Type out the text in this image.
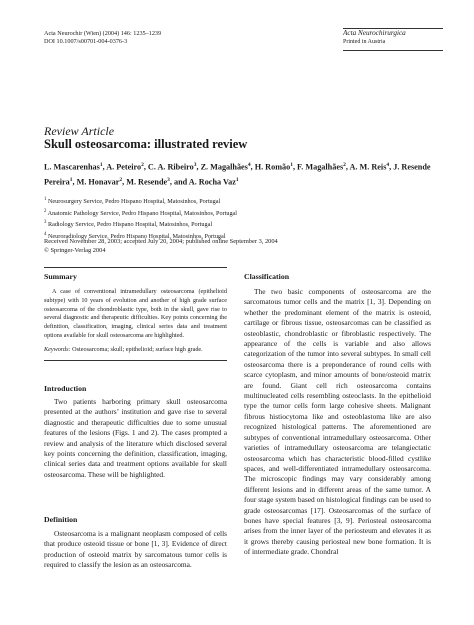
Acta Neurochir (Wien) (2004) 146: 1235–1239
DOI 10.1007/s00701-004-0376-3
Acta Neurochirurgica
Printed in Austria
Review Article
Skull osteosarcoma: illustrated review
L. Mascarenhas$^1$, A. Peteiro$^2$, C. A. Ribeiro$^3$, Z. Magalhães$^4$, H. Romão$^1$, F. Magalhães$^2$, A. M. Reis$^4$, J. Resende Pereira$^1$, M. Honavar$^2$, M. Resende$^3$, and A. Rocha Vaz$^1$
$^1$ Neurosurgery Service, Pedro Hispano Hospital, Matosinhos, Portugal
$^2$ Anatomic Pathology Service, Pedro Hispano Hospital, Matosinhos, Portugal
$^3$ Radiology Service, Pedro Hispano Hospital, Matosinhos, Portugal
$^4$ Neuroradiology Service, Pedro Hispano Hospital, Matosinhos, Portugal
Received November 28, 2003; accepted July 20, 2004; published online September 3, 2004
© Springer-Verlag 2004
Summary

A case of conventional intramedullary osteosarcoma (epithelioid subtype) with 10 years of evolution and another of high grade surface osteosarcoma of the chondroblastic type, both in the skull, gave rise to several diagnostic and therapeutic difficulties. Key points concerning the definition, classification, imaging, clinical series data and treatment options available for skull osteosarcoma are highlighted.

Keywords: Osteosarcoma; skull; epithelioid; surface high grade.
Introduction

Two patients harboring primary skull osteosarcoma presented at the authors’ institution and gave rise to several diagnostic and therapeutic difficulties due to some unusual features of the lesions (Figs. 1 and 2). The cases prompted a review and analysis of the literature which disclosed several key points concerning the definition, classification, imaging, clinical series data and treatment options available for skull osteosarcoma. These will be highlighted.

Definition

Osteosarcoma is a malignant neoplasm composed of cells that produce osteoid tissue or bone [1, 3]. Evidence of direct production of osteoid matrix by sarcomatous tumor cells is required to classify the lesion as an osteosarcoma.

Classification

The two basic components of osteosarcoma are the sarcomatous tumor cells and the matrix [1, 3]. Depending on whether the predominant element of the matrix is osteoid, cartilage or fibrous tissue, osteosarcomas can be classified as osteoblastic, chondroblastic or fibroblastic respectively. The appearance of the cells is variable and also allows categorization of the tumor into several subtypes. In small cell osteosarcoma there is a preponderance of round cells with scarce cytoplasm, and minor amounts of bone/osteoid matrix are found. Giant cell rich osteosarcoma contains multinucleated cells resembling osteoclasts. In the epithelioid type the tumor cells form large cohesive sheets. Malignant fibrous histiocytoma like and osteoblastoma like are also recognized histological patterns. The aforementioned are subtypes of conventional intramedullary osteosarcoma. Other varieties of intramedullary osteosarcoma are telangiectatic osteosarcoma which has characteristic blood-filled cystlike spaces, and well-differentiated intramedullary osteosarcoma. The microscopic findings may vary considerably among different lesions and in different areas of the same tumor. A four stage system based on histological findings can be used to grade osteosarcomas [17]. Osteosarcomas of the surface of bones have special features [3, 9]. Periosteal osteosarcoma arises from the inner layer of the periosteum and elevates it as it grows thereby causing periosteal new bone formation. It is of intermediate grade. Chondral
